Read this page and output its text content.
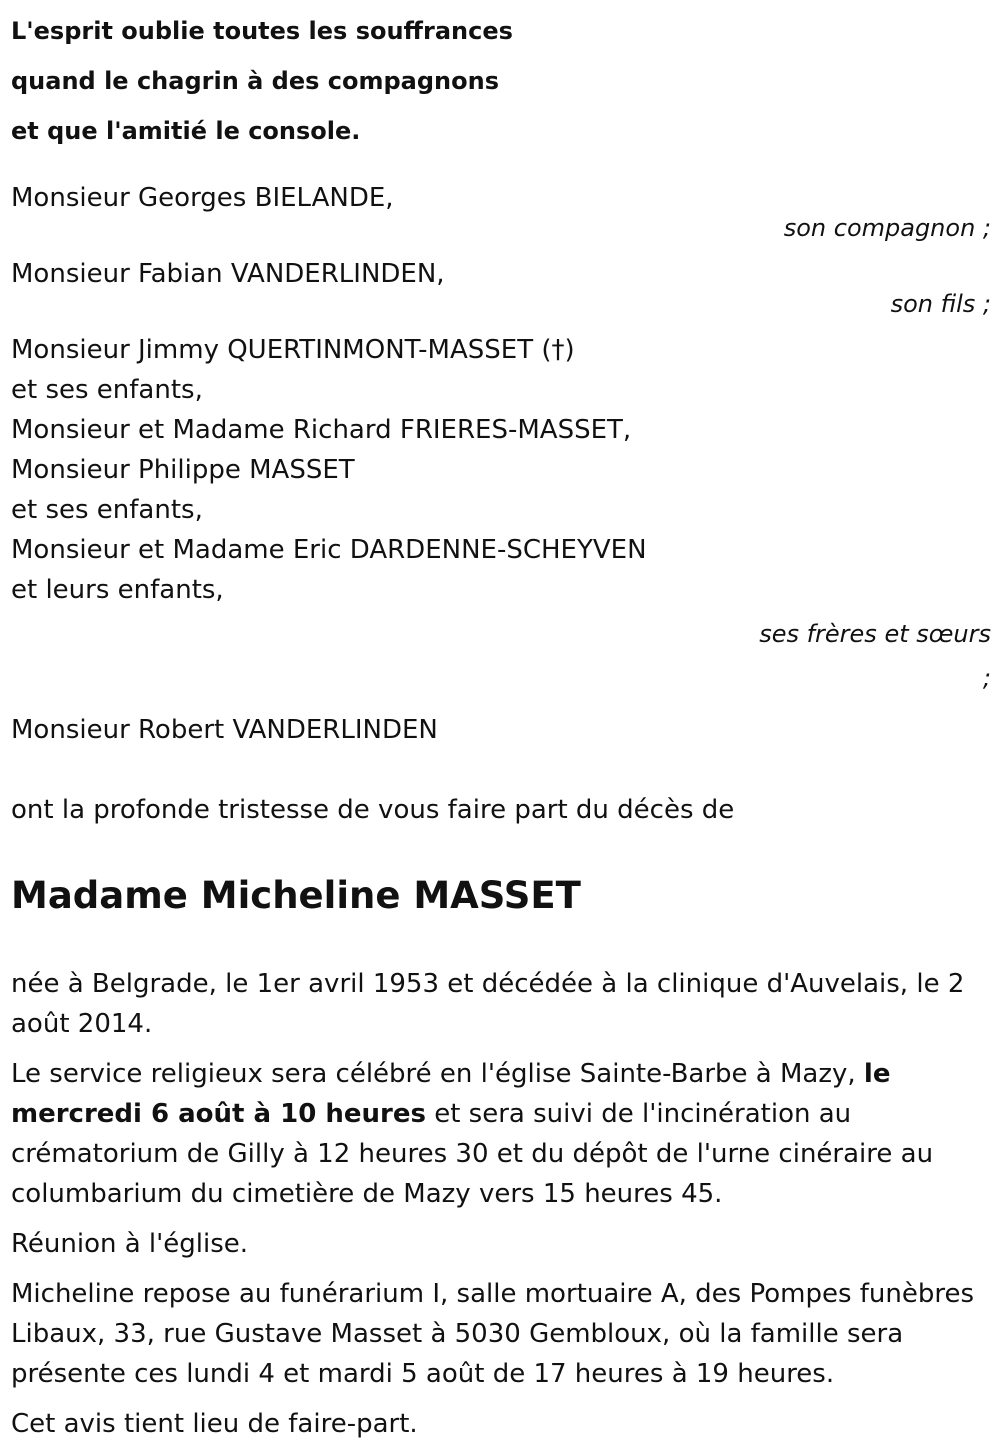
L'esprit oublie toutes les souffrances
quand le chagrin à des compagnons
et que l'amitié le console.
Monsieur Georges BIELANDE,
son compagnon ;
Monsieur Fabian VANDERLINDEN,
son fils ;
Monsieur Jimmy QUERTINMONT-MASSET (†)
et ses enfants,
Monsieur et Madame Richard FRIERES-MASSET,
Monsieur Philippe MASSET
et ses enfants,
Monsieur et Madame Eric DARDENNE-SCHEYVEN
et leurs enfants,
ses frères et sœurs ;
Monsieur Robert VANDERLINDEN
ont la profonde tristesse de vous faire part du décès de
Madame Micheline MASSET

née à Belgrade, le 1er avril 1953 et décédée à la clinique d'Auvelais, le 2 août 2014.

Le service religieux sera célébré en l'église Sainte-Barbe à Mazy, le mercredi 6 août à 10 heures et sera suivi de l'incinération au crématorium de Gilly à 12 heures 30 et du dépôt de l'urne cinéraire au columbarium du cimetière de Mazy vers 15 heures 45.

Réunion à l'église.

Micheline repose au funérarium I, salle mortuaire A, des Pompes funèbres Libaux, 33, rue Gustave Masset à 5030 Gembloux, où la famille sera présente ces lundi 4 et mardi 5 août de 17 heures à 19 heures.

Cet avis tient lieu de faire-part.
